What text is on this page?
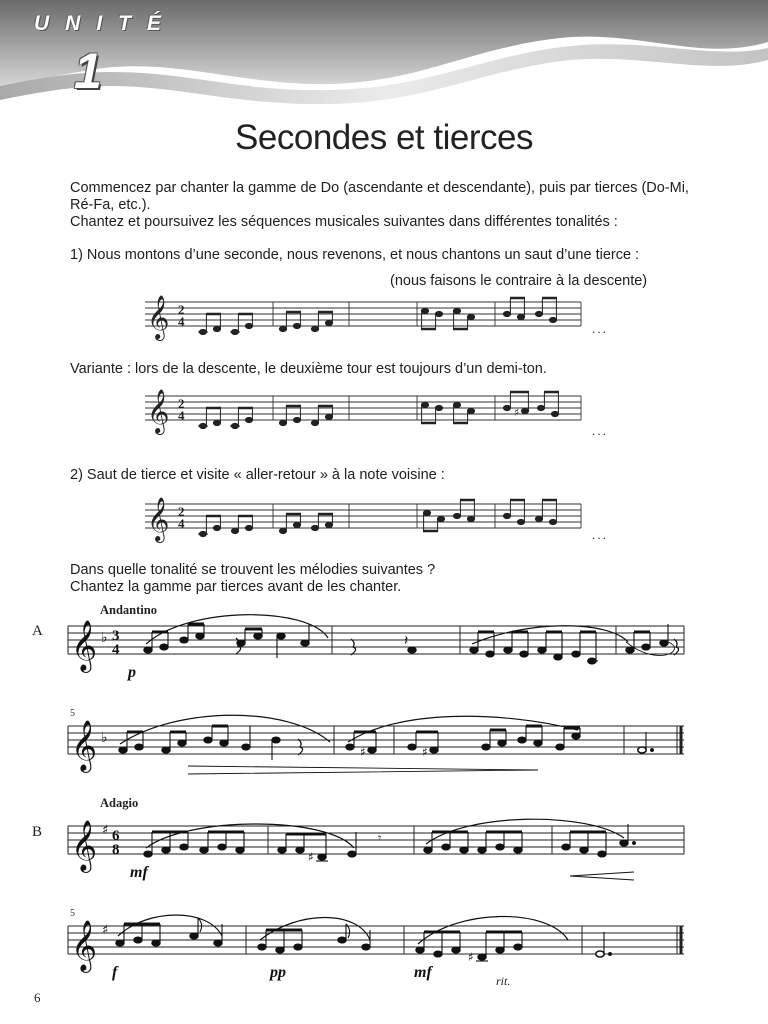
UNITÉ
1
Secondes et tierces
Commencez par chanter la gamme de Do (ascendante et descendante), puis par tierces (Do-Mi,
Ré-Fa, etc.).
Chantez et poursuivez les séquences musicales suivantes dans différentes tonalités :
1) Nous montons d’une seconde, nous revenons, et nous chantons un saut d’une tierce :
(nous faisons le contraire à la descente)
𝄞 2
4	...
Variante : lors de la descente, le deuxième tour est toujours d’un demi-ton.
𝄞 2
4	♯
...
2) Saut de tierce et visite « aller-retour » à la note voisine :
𝄞 2
4
...
Dans quelle tonalité se trouvent les mélodies suivantes ?
Chantez la gamme par tierces avant de les chanter.
A
Andantino
𝄞 ♭ 3
4
𝄽
p
5
𝄞 ♭
♯	♯
B
Adagio
𝄞 ♯ 6
8	♯
𝄾
mf
5
𝄞 ♯
♯
f	pp	mf	rit.
6
